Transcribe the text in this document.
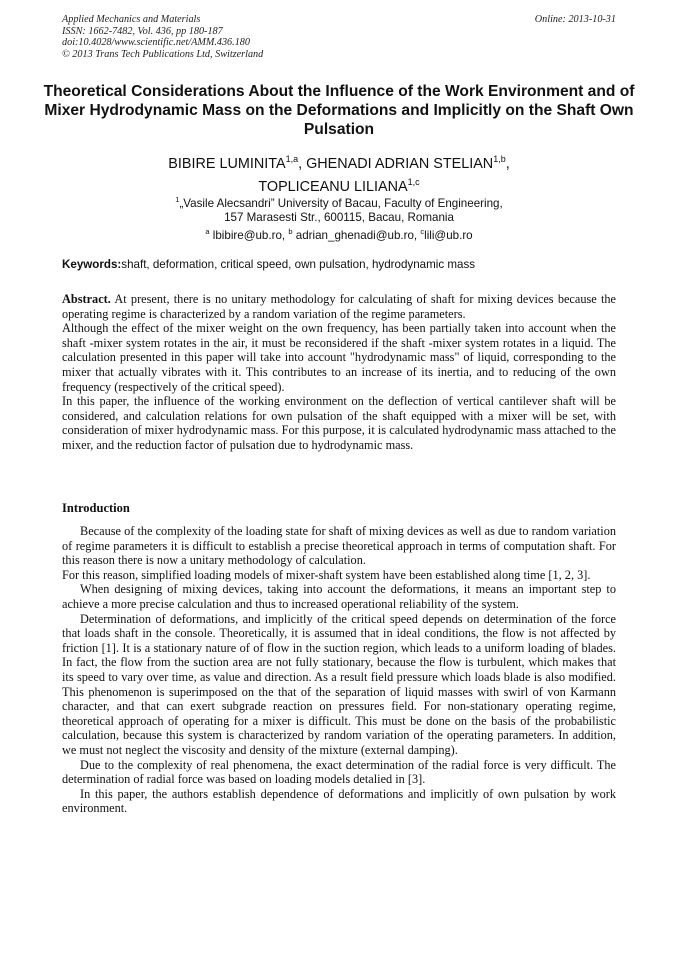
Applied Mechanics and Materials
ISSN: 1662-7482, Vol. 436, pp 180-187
doi:10.4028/www.scientific.net/AMM.436.180
© 2013 Trans Tech Publications Ltd, Switzerland
Online: 2013-10-31
Theoretical Considerations About the Influence of the Work Environment and of Mixer Hydrodynamic Mass on the Deformations and Implicitly on the Shaft Own Pulsation
BIBIRE LUMINITA$^{1,a}$, GHENADI ADRIAN STELIAN$^{1,b}$,
TOPLICEANU LILIANA$^{1,c}$
$^1$„Vasile Alecsandri” University of Bacau, Faculty of Engineering,
157 Marasesti Str., 600115, Bacau, Romania
$^a$ lbibire@ub.ro, $^b$ adrian_ghenadi@ub.ro, $^c$lili@ub.ro
Keywords:shaft, deformation, critical speed, own pulsation, hydrodynamic mass

Abstract. At present, there is no unitary methodology for calculating of shaft for mixing devices because the operating regime is characterized by a random variation of the regime parameters.

Although the effect of the mixer weight on the own frequency, has been partially taken into account when the shaft -mixer system rotates in the air, it must be reconsidered if the shaft -mixer system rotates in a liquid. The calculation presented in this paper will take into account "hydrodynamic mass" of liquid, corresponding to the mixer that actually vibrates with it. This contributes to an increase of its inertia, and to reducing of the own frequency (respectively of the critical speed).

In this paper, the influence of the working environment on the deflection of vertical cantilever shaft will be considered, and calculation relations for own pulsation of the shaft equipped with a mixer will be set, with consideration of mixer hydrodynamic mass. For this purpose, it is calculated hydrodynamic mass attached to the mixer, and the reduction factor of pulsation due to hydrodynamic mass.

Introduction

Because of the complexity of the loading state for shaft of mixing devices as well as due to random variation of regime parameters it is difficult to establish a precise theoretical approach in terms of computation shaft. For this reason there is now a unitary methodology of calculation.

For this reason, simplified loading models of mixer-shaft system have been established along time [1, 2, 3].

When designing of mixing devices, taking into account the deformations, it means an important step to achieve a more precise calculation and thus to increased operational reliability of the system.

Determination of deformations, and implicitly of the critical speed depends on determination of the force that loads shaft in the console. Theoretically, it is assumed that in ideal conditions, the flow is not affected by friction [1]. It is a stationary nature of of flow in the suction region, which leads to a uniform loading of blades. In fact, the flow from the suction area are not fully stationary, because the flow is turbulent, which makes that its speed to vary over time, as value and direction. As a result field pressure which loads blade is also modified. This phenomenon is superimposed on the that of the separation of liquid masses with swirl of von Karmann character, and that can exert subgrade reaction on pressures field. For non-stationary operating regime, theoretical approach of operating for a mixer is difficult. This must be done on the basis of the probabilistic calculation, because this system is characterized by random variation of the operating parameters. In addition, we must not neglect the viscosity and density of the mixture (external damping).

Due to the complexity of real phenomena, the exact determination of the radial force is very difficult. The determination of radial force was based on loading models detalied in [3].

In this paper, the authors establish dependence of deformations and implicitly of own pulsation by work environment.
